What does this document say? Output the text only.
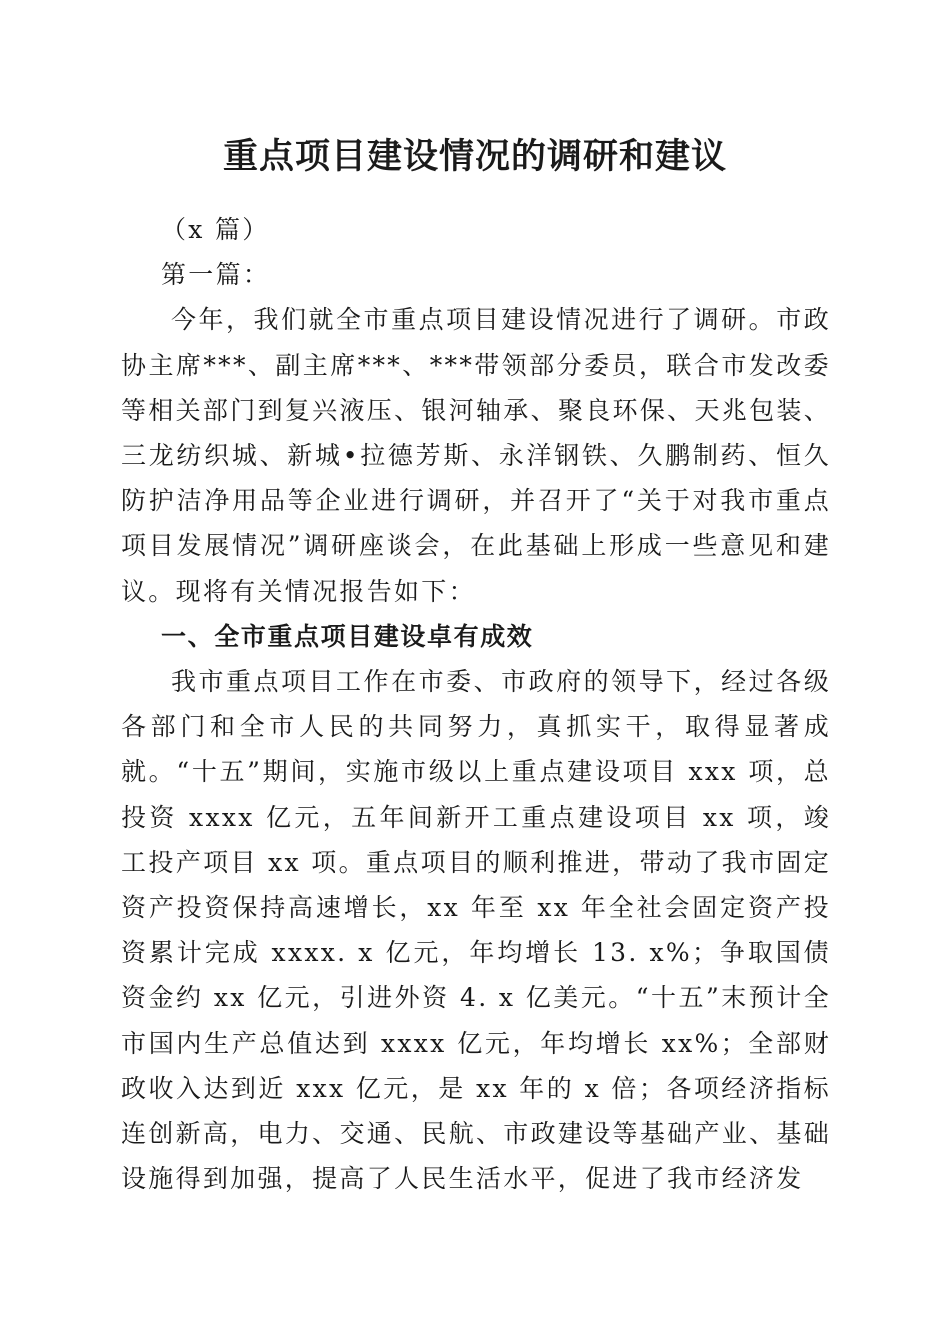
重点项目建设情况的调研和建议

（x 篇）

第一篇：

今年，我们就全市重点项目建设情况进行了调研。市政协主席***、副主席***、***带领部分委员，联合市发改委等相关部门到复兴液压、银河轴承、聚良环保、天兆包装、三龙纺织城、新城•拉德芳斯、永洋钢铁、久鹏制药、恒久防护洁净用品等企业进行调研，并召开了“关于对我市重点项目发展情况”调研座谈会，在此基础上形成一些意见和建议。现将有关情况报告如下：

一、全市重点项目建设卓有成效

我市重点项目工作在市委、市政府的领导下，经过各级各部门和全市人民的共同努力，真抓实干，取得显著成就。“十五”期间，实施市级以上重点建设项目 xxx 项，总投资 xxxx 亿元，五年间新开工重点建设项目 xx 项，竣工投产项目 xx 项。重点项目的顺利推进，带动了我市固定资产投资保持高速增长，xx 年至 xx 年全社会固定资产投资累计完成 xxxx. x 亿元，年均增长 13. x%；争取国债资金约 xx 亿元，引进外资 4. x 亿美元。“十五”末预计全市国内生产总值达到 xxxx 亿元，年均增长 xx%；全部财政收入达到近 xxx 亿元，是 xx 年的 x 倍；各项经济指标连创新高，电力、交通、民航、市政建设等基础产业、基础设施得到加强，提高了人民生活水平，促进了我市经济发
